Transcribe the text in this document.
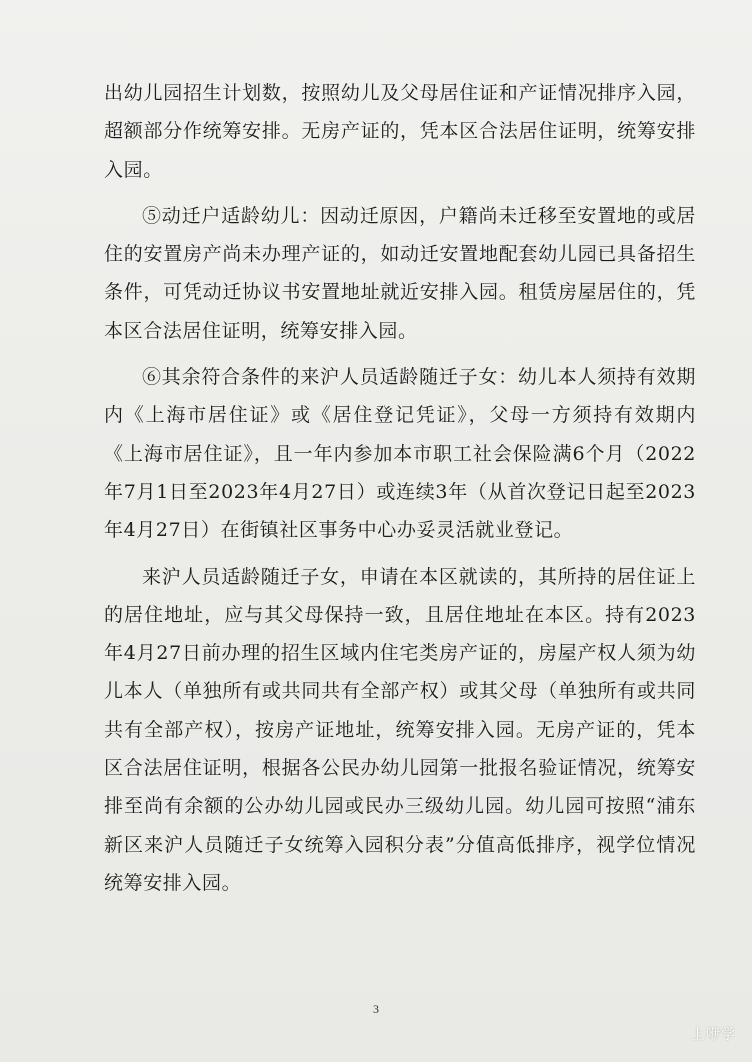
出幼儿园招生计划数，按照幼儿及父母居住证和产证情况排序入园，超额部分作统筹安排。无房产证的，凭本区合法居住证明，统筹安排入园。

⑤动迁户适龄幼儿：因动迁原因，户籍尚未迁移至安置地的或居住的安置房产尚未办理产证的，如动迁安置地配套幼儿园已具备招生条件，可凭动迁协议书安置地址就近安排入园。租赁房屋居住的，凭本区合法居住证明，统筹安排入园。

⑥其余符合条件的来沪人员适龄随迁子女：幼儿本人须持有效期内《上海市居住证》或《居住登记凭证》，父母一方须持有效期内《上海市居住证》，且一年内参加本市职工社会保险满6个月（2022年7月1日至2023年4月27日）或连续3年（从首次登记日起至2023年4月27日）在街镇社区事务中心办妥灵活就业登记。

来沪人员适龄随迁子女，申请在本区就读的，其所持的居住证上的居住地址，应与其父母保持一致，且居住地址在本区。持有2023年4月27日前办理的招生区域内住宅类房产证的，房屋产权人须为幼儿本人（单独所有或共同共有全部产权）或其父母（单独所有或共同共有全部产权），按房产证地址，统筹安排入园。无房产证的，凭本区合法居住证明，根据各公民办幼儿园第一批报名验证情况，统筹安排至尚有余额的公办幼儿园或民办三级幼儿园。幼儿园可按照“浦东新区来沪人员随迁子女统筹入园积分表”分值高低排序，视学位情况统筹安排入园。

3
上咿学
